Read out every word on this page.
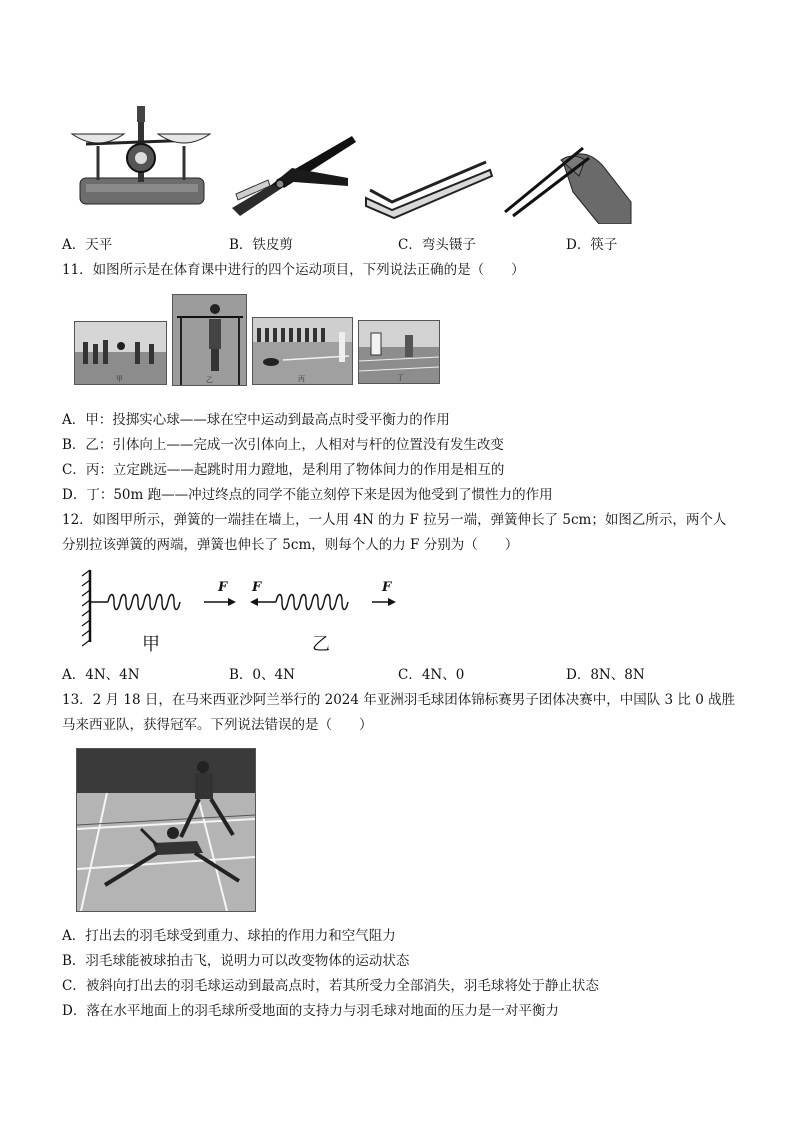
A．天平	B．铁皮剪	C．弯头镊子	D．筷子
11．如图所示是在体育课中进行的四个运动项目，下列说法正确的是（　　）
甲	乙	丙	丁
A．甲：投掷实心球——球在空中运动到最高点时受平衡力的作用
B．乙：引体向上——完成一次引体向上，人相对与杆的位置没有发生改变
C．丙：立定跳远——起跳时用力蹬地，是利用了物体间力的作用是相互的
D．丁：50m 跑——冲过终点的同学不能立刻停下来是因为他受到了惯性力的作用
12．如图甲所示，弹簧的一端挂在墙上，一人用 4N 的力 F 拉另一端，弹簧伸长了 5cm；如图乙所示，两个人
分别拉该弹簧的两端，弹簧也伸长了 5cm，则每个人的力 F 分别为（　　）
F F	F
甲	乙
A．4N、4N	B．0、4N	C．4N、0	D．8N、8N
13．2 月 18 日，在马来西亚沙阿兰举行的 2024 年亚洲羽毛球团体锦标赛男子团体决赛中，中国队 3 比 0 战胜
马来西亚队，获得冠军。下列说法错误的是（　　）
A．打出去的羽毛球受到重力、球拍的作用力和空气阻力
B．羽毛球能被球拍击飞，说明力可以改变物体的运动状态
C．被斜向打出去的羽毛球运动到最高点时，若其所受力全部消失，羽毛球将处于静止状态
D．落在水平地面上的羽毛球所受地面的支持力与羽毛球对地面的压力是一对平衡力
